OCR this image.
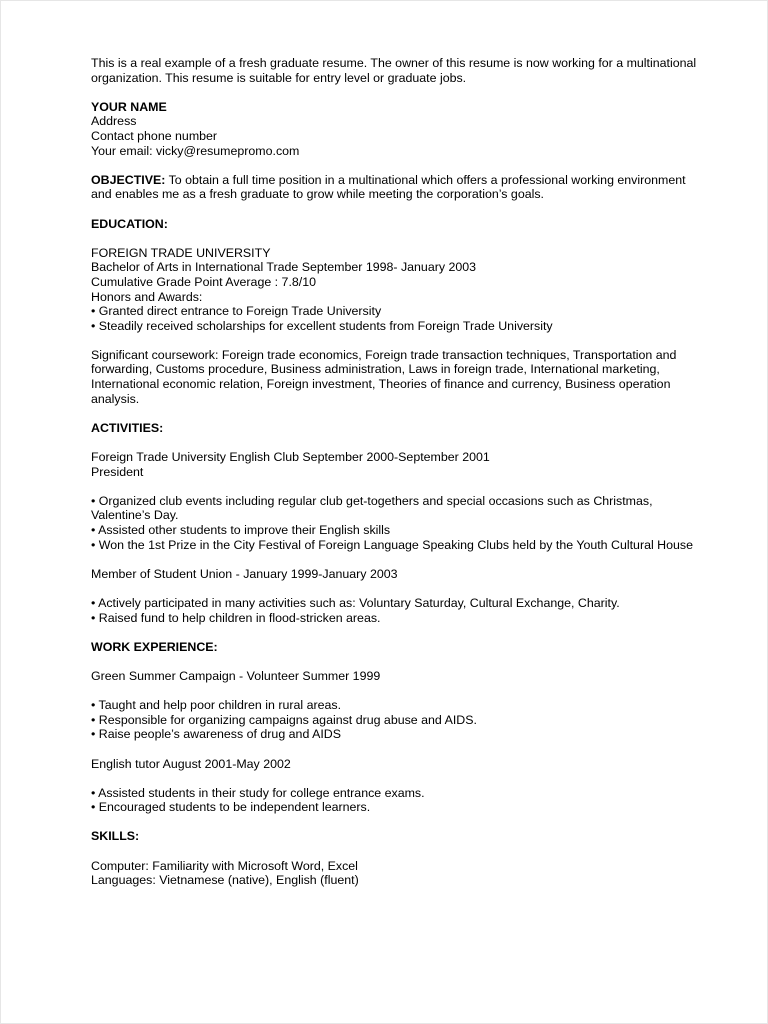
This is a real example of a fresh graduate resume. The owner of this resume is now working for a multinational organization. This resume is suitable for entry level or graduate jobs.

YOUR NAME

Address

Contact phone number

Your email: vicky@resumepromo.com

OBJECTIVE: To obtain a full time position in a multinational which offers a professional working environment and enables me as a fresh graduate to grow while meeting the corporation’s goals.

EDUCATION:

FOREIGN TRADE UNIVERSITY

Bachelor of Arts in International Trade September 1998- January 2003

Cumulative Grade Point Average : 7.8/10

Honors and Awards:

• Granted direct entrance to Foreign Trade University

• Steadily received scholarships for excellent students from Foreign Trade University

Significant coursework: Foreign trade economics, Foreign trade transaction techniques, Transportation and forwarding, Customs procedure, Business administration, Laws in foreign trade, International marketing, International economic relation, Foreign investment, Theories of finance and currency, Business operation analysis.

ACTIVITIES:

Foreign Trade University English Club September 2000-September 2001

President

• Organized club events including regular club get-togethers and special occasions such as Christmas, Valentine’s Day.

• Assisted other students to improve their English skills

• Won the 1st Prize in the City Festival of Foreign Language Speaking Clubs held by the Youth Cultural House

Member of Student Union - January 1999-January 2003

• Actively participated in many activities such as: Voluntary Saturday, Cultural Exchange, Charity.

• Raised fund to help children in flood-stricken areas.

WORK EXPERIENCE:

Green Summer Campaign - Volunteer Summer 1999

• Taught and help poor children in rural areas.

• Responsible for organizing campaigns against drug abuse and AIDS.

• Raise people’s awareness of drug and AIDS

English tutor August 2001-May 2002

• Assisted students in their study for college entrance exams.

• Encouraged students to be independent learners.

SKILLS:

Computer: Familiarity with Microsoft Word, Excel

Languages: Vietnamese (native), English (fluent)
